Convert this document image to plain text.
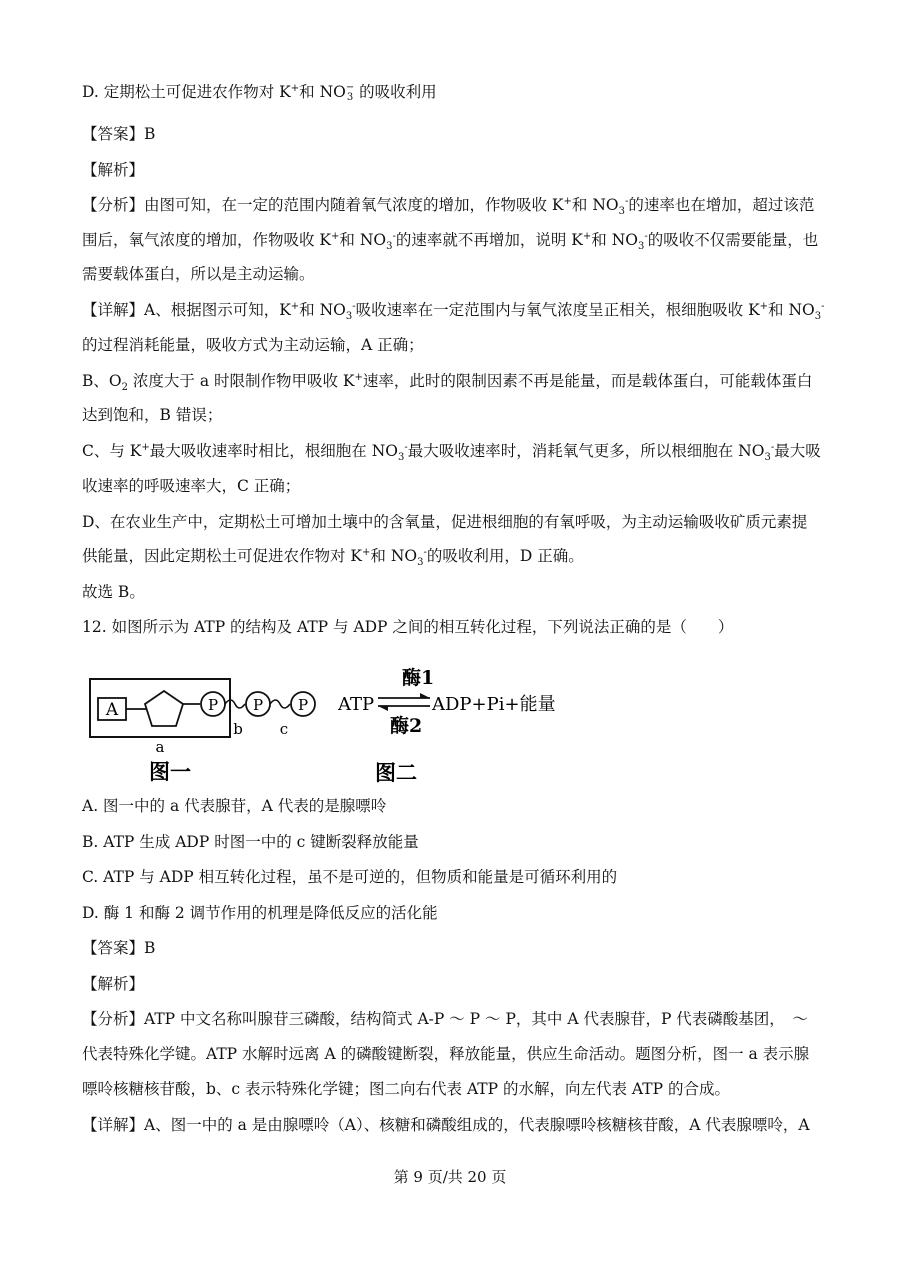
D. 定期松土可促进农作物对 K+和 NO −
3 的吸收利用
【答案】B
【解析】
【分析】由图可知，在一定的范围内随着氧气浓度的增加，作物吸收 K+和 $NO_3^-$的速率也在增加，超过该范
围后，氧气浓度的增加，作物吸收 K+和 $NO_3^-$的速率就不再增加，说明 K+和 $NO_3^-$的吸收不仅需要能量，也
需要载体蛋白，所以是主动运输。
【详解】A、根据图示可知，K+和 $NO_3^-$吸收速率在一定范围内与氧气浓度呈正相关，根细胞吸收 K+和 $NO_3^-$
的过程消耗能量，吸收方式为主动运输，A 正确；
B、$O_2$ 浓度大于 a 时限制作物甲吸收 K+速率，此时的限制因素不再是能量，而是载体蛋白，可能载体蛋白
达到饱和，B 错误；
C、与 K+最大吸收速率时相比，根细胞在 $NO_3^-$最大吸收速率时，消耗氧气更多，所以根细胞在 $NO_3^-$最大吸
收速率的呼吸速率大，C 正确；
D、在农业生产中，定期松土可增加土壤中的含氧量，促进根细胞的有氧呼吸，为主动运输吸收矿质元素提
供能量，因此定期松土可促进农作物对 K+和 $NO_3^-$的吸收利用，D 正确。
故选 B。
12. 如图所示为 ATP 的结构及 ATP 与 ADP 之间的相互转化过程，下列说法正确的是（　　）
A	P P P
b c
a
图一
ATP
酶1
ADP+Pi+能量
酶2
图二
A. 图一中的 a 代表腺苷，A 代表的是腺嘌呤
B. ATP 生成 ADP 时图一中的 c 键断裂释放能量
C. ATP 与 ADP 相互转化过程，虽不是可逆的，但物质和能量是可循环利用的
D. 酶 1 和酶 2 调节作用的机理是降低反应的活化能
【答案】B
【解析】
【分析】ATP 中文名称叫腺苷三磷酸，结构简式 A-P ～ P ～ P，其中 A 代表腺苷，P 代表磷酸基团，　～
代表特殊化学键。ATP 水解时远离 A 的磷酸键断裂，释放能量，供应生命活动。题图分析，图一 a 表示腺
嘌呤核糖核苷酸，b、c 表示特殊化学键；图二向右代表 ATP 的水解，向左代表 ATP 的合成。
【详解】A、图一中的 a 是由腺嘌呤（A）、核糖和磷酸组成的，代表腺嘌呤核糖核苷酸，A 代表腺嘌呤，A
第 9 页/共 20 页
